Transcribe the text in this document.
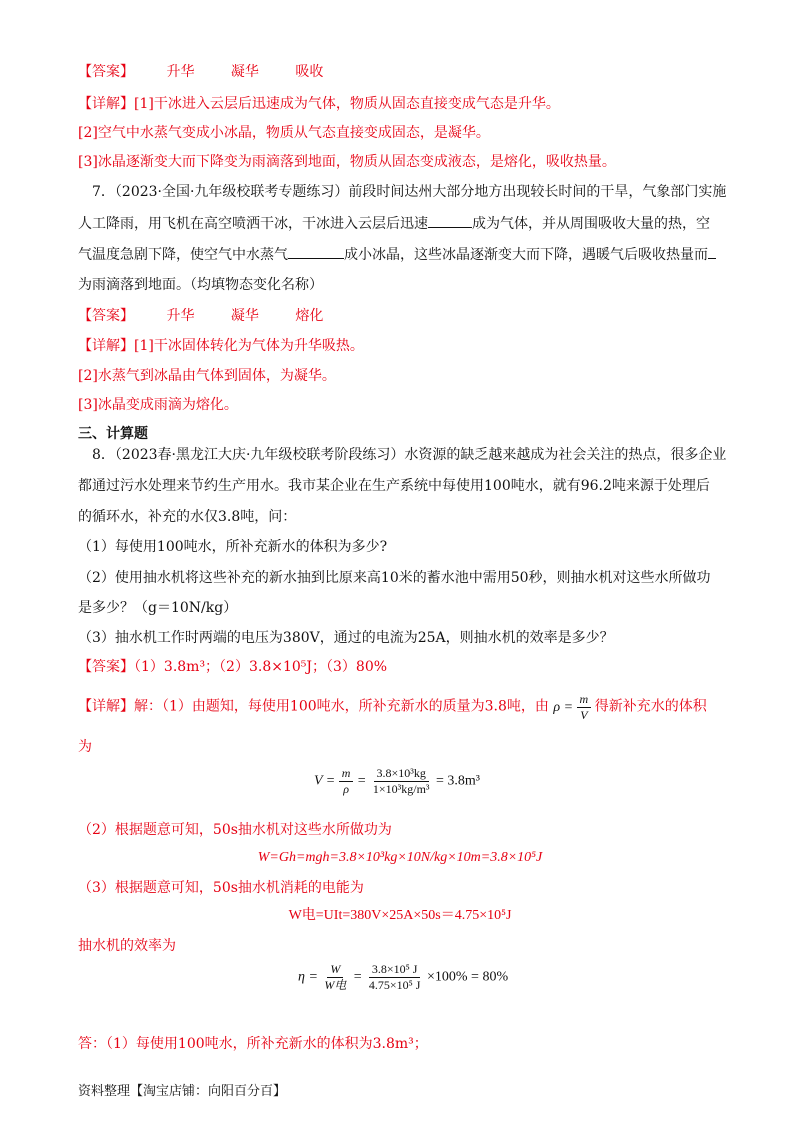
【答案】 升华	凝华	吸收
【详解】[1]干冰进入云层后迅速成为气体，物质从固态直接变成气态是升华。
[2]空气中水蒸气变成小冰晶，物质从气态直接变成固态，是凝华。
[3]冰晶逐渐变大而下降变为雨滴落到地面，物质从固态变成液态，是熔化，吸收热量。
7．（2023·全国·九年级校联考专题练习）前段时间达州大部分地方出现较长时间的干旱，气象部门实施
人工降雨，用飞机在高空喷洒干冰，干冰进入云层后迅速	成为气体，并从周围吸收大量的热，空
气温度急剧下降，使空气中水蒸气	成小冰晶，这些冰晶逐渐变大而下降，遇暖气后吸收热量而
为雨滴落到地面。（均填物态变化名称）
【答案】 升华	凝华	熔化
【详解】[1]干冰固体转化为气体为升华吸热。
[2]水蒸气到冰晶由气体到固体，为凝华。
[3]冰晶变成雨滴为熔化。
三、计算题
8．（2023春·黑龙江大庆·九年级校联考阶段练习）水资源的缺乏越来越成为社会关注的热点，很多企业
都通过污水处理来节约生产用水。我市某企业在生产系统中每使用100吨水，就有96.2吨来源于处理后
的循环水，补充的水仅3.8吨，问：
（1）每使用100吨水，所补充新水的体积为多少?
（2）使用抽水机将这些补充的新水抽到比原来高10米的蓄水池中需用50秒，则抽水机对这些水所做功
是多少？（g＝10N/kg）
（3）抽水机工作时两端的电压为380V，通过的电流为25A，则抽水机的效率是多少？
【答案】（1）3.8m³；（2）3.8×10⁵J；（3）80%
【详解】解：（1）由题知，每使用100吨水，所补充新水的质量为3.8吨，由 $\rho = \frac{m}{V}$ 得新补充水的体积
为
$V = \frac{m}{\rho} = \frac{\text{3.8×10³kg}}{\text{1×10³kg/m³}} = 3.8m^3$
（2）根据题意可知，50s抽水机对这些水所做功为
W=Gh=mgh=3.8×10³kg×10N/kg×10m=3.8×10⁵J
（3）根据题意可知，50s抽水机消耗的电能为
W电=UIt=380V×25A×50s＝4.75×10⁵J
抽水机的效率为
$\eta = \frac{W}{\text{W电}} = \frac{\text{3.8×10⁵ J}}{\text{4.75×10⁵ J}} \times 100\% = 80\%$
答：（1）每使用100吨水，所补充新水的体积为3.8m³；
资料整理【淘宝店铺：向阳百分百】
